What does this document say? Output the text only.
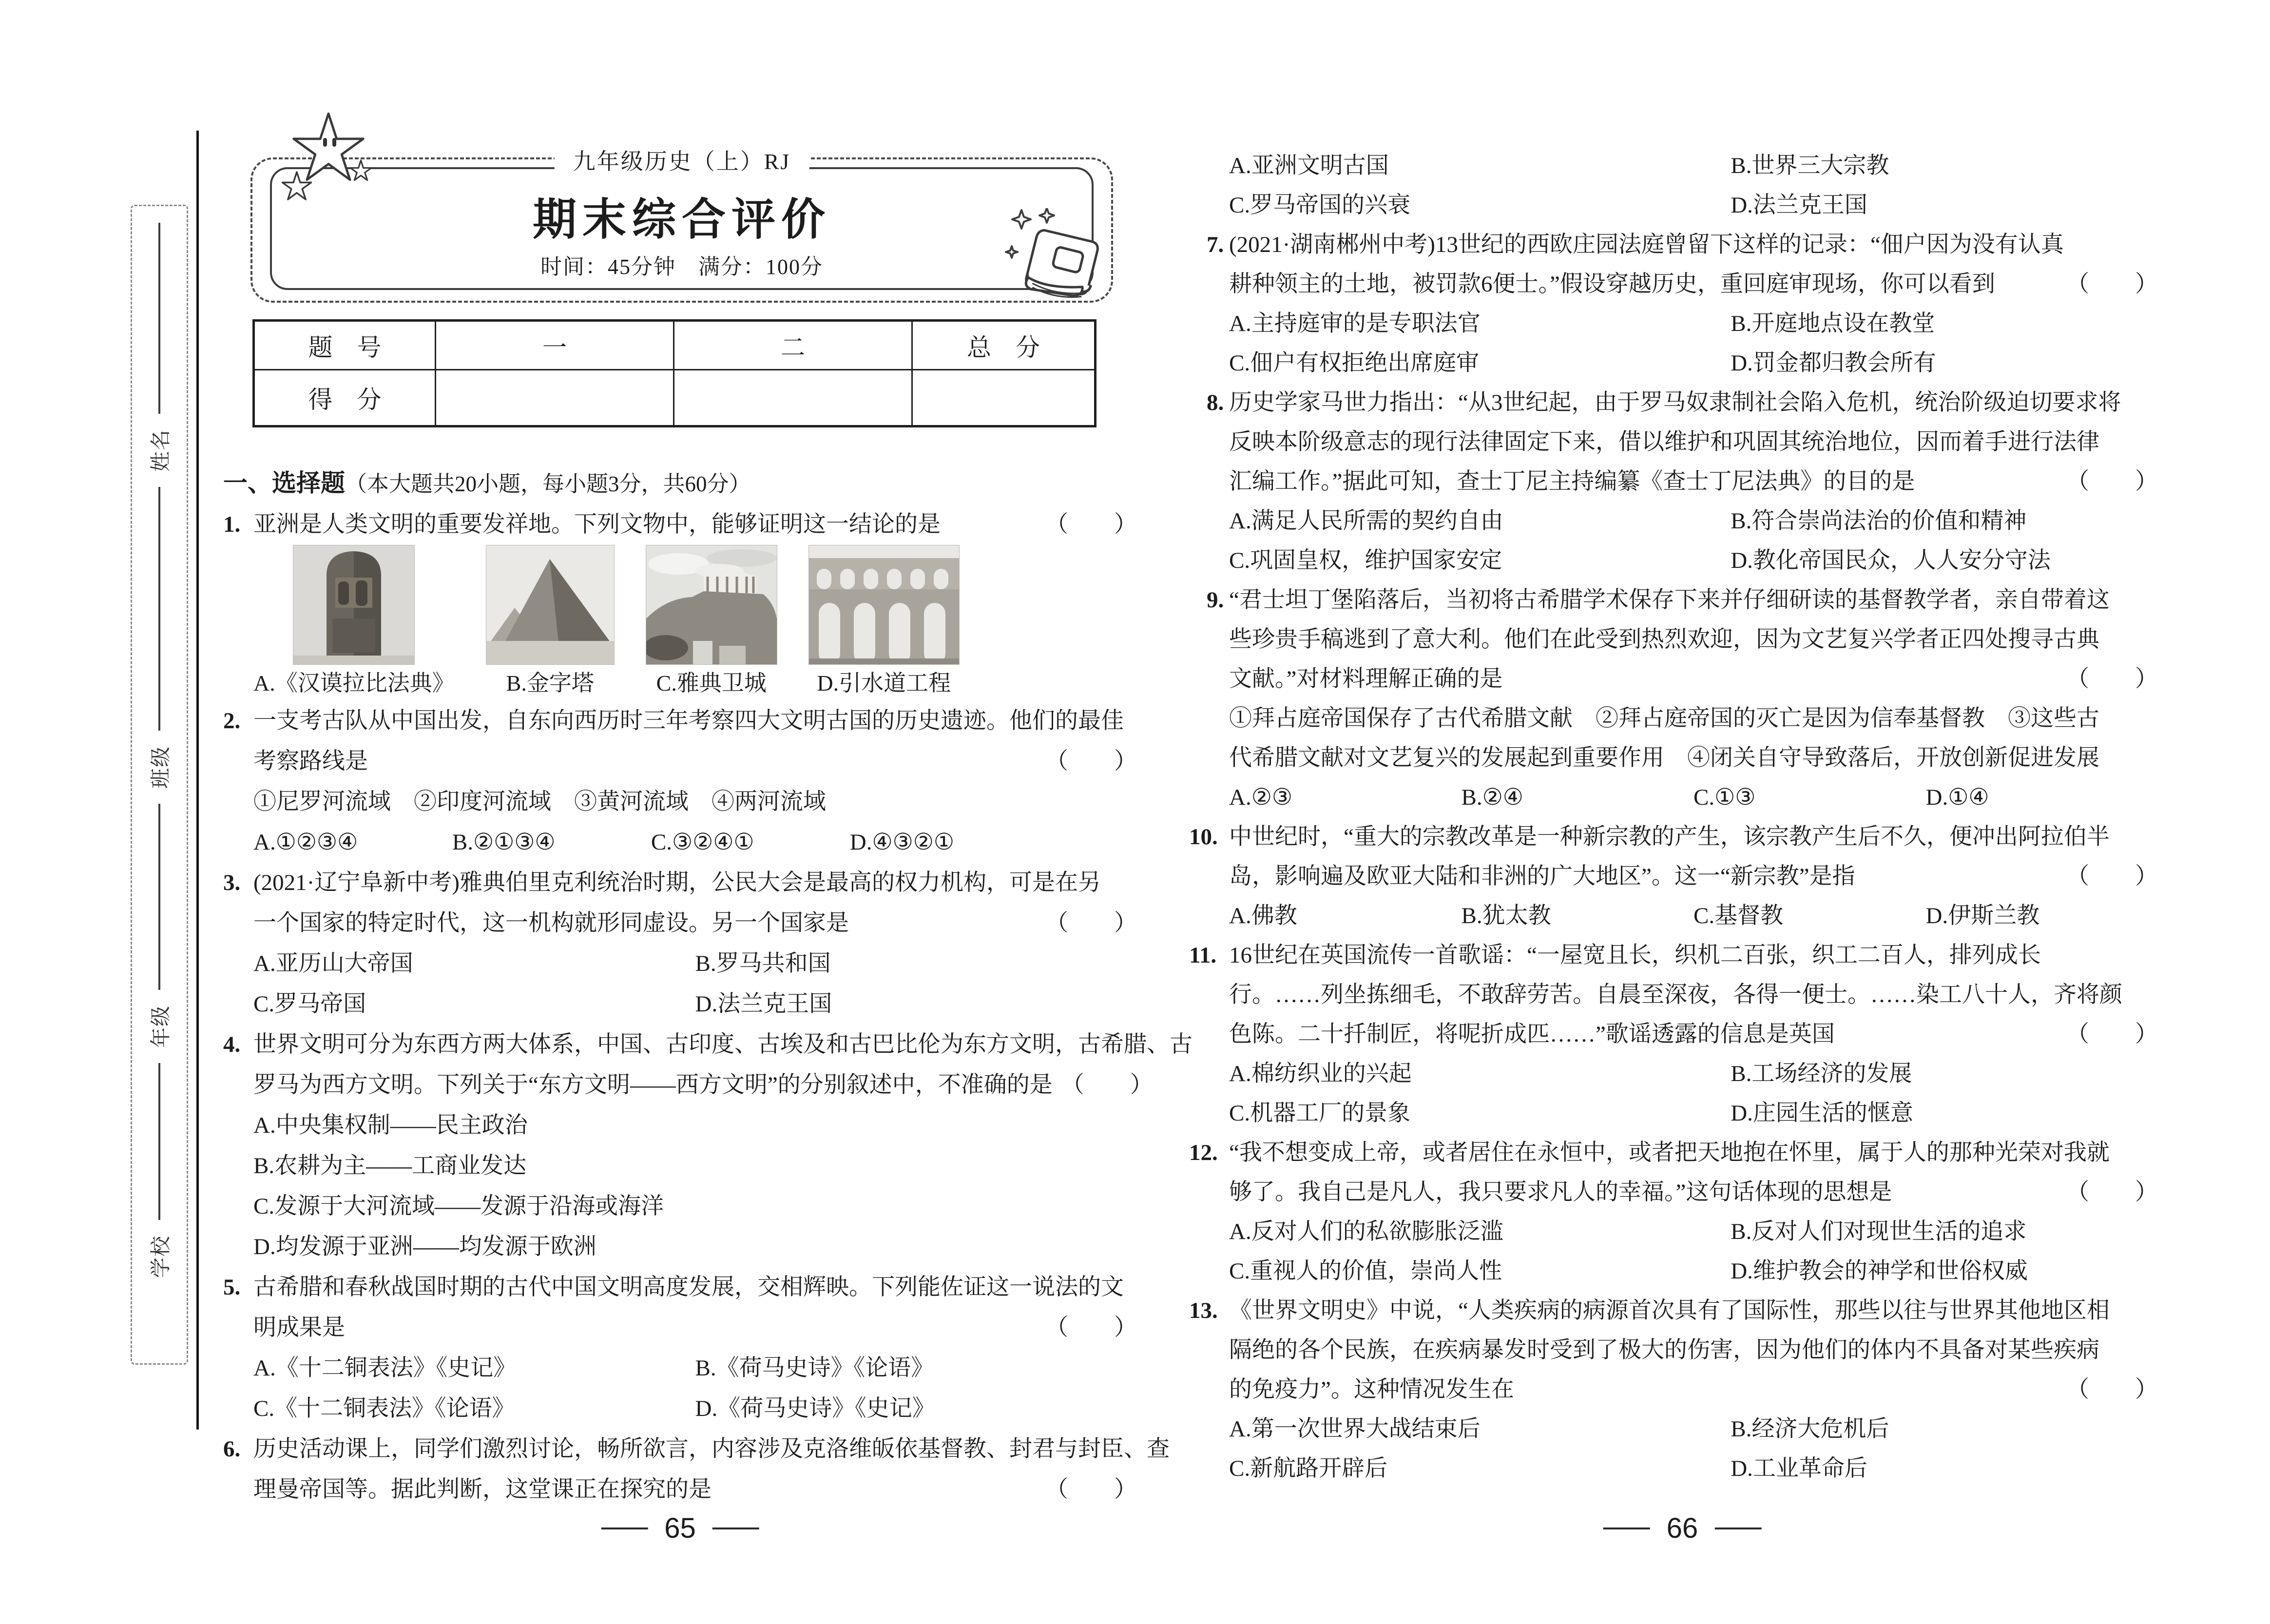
姓名
班级
年级
学校
九年级历史（上）RJ
期末综合评价
时间：45分钟　满分：100分
题　号	一	二	总　分
得　分
一、选择题 （本大题共20小题，每小题3分，共60分）
1. 亚洲是人类文明的重要发祥地。下列文物中，能够证明这一结论的是	（　　）
A.《汉谟拉比法典》 B.金字塔	C.雅典卫城 D.引水道工程
2. 一支考古队从中国出发，自东向西历时三年考察四大文明古国的历史遗迹。他们的最佳
考察路线是	（　　）
①尼罗河流域　②印度河流域　③黄河流域　④两河流域
A.①②③④	B.②①③④	C.③②④①	D.④③②①
3. (2021·辽宁阜新中考)雅典伯里克利统治时期，公民大会是最高的权力机构，可是在另
一个国家的特定时代，这一机构就形同虚设。另一个国家是	（　　）
A.亚历山大帝国	B.罗马共和国
C.罗马帝国	D.法兰克王国
4. 世界文明可分为东西方两大体系，中国、古印度、古埃及和古巴比伦为东方文明，古希腊、古
罗马为西方文明。下列关于“东方文明——西方文明”的分别叙述中，不准确的是 （　　）
A.中央集权制——民主政治
B.农耕为主——工商业发达
C.发源于大河流域——发源于沿海或海洋
D.均发源于亚洲——均发源于欧洲
5. 古希腊和春秋战国时期的古代中国文明高度发展，交相辉映。下列能佐证这一说法的文
明成果是	（　　）
A.《十二铜表法》《史记》	B.《荷马史诗》《论语》
C.《十二铜表法》《论语》	D.《荷马史诗》《史记》
6. 历史活动课上，同学们激烈讨论，畅所欲言，内容涉及克洛维皈依基督教、封君与封臣、查
理曼帝国等。据此判断，这堂课正在探究的是	（　　）
65
A.亚洲文明古国	B.世界三大宗教
C.罗马帝国的兴衰	D.法兰克王国
7. (2021·湖南郴州中考)13世纪的西欧庄园法庭曾留下这样的记录：“佃户因为没有认真
耕种领主的土地，被罚款6便士。”假设穿越历史，重回庭审现场，你可以看到	（　　）
A.主持庭审的是专职法官	B.开庭地点设在教堂
C.佃户有权拒绝出席庭审	D.罚金都归教会所有
8. 历史学家马世力指出：“从3世纪起，由于罗马奴隶制社会陷入危机，统治阶级迫切要求将
反映本阶级意志的现行法律固定下来，借以维护和巩固其统治地位，因而着手进行法律
汇编工作。”据此可知，查士丁尼主持编纂《查士丁尼法典》的目的是	（　　）
A.满足人民所需的契约自由	B.符合崇尚法治的价值和精神
C.巩固皇权，维护国家安定	D.教化帝国民众，人人安分守法
9. “君士坦丁堡陷落后，当初将古希腊学术保存下来并仔细研读的基督教学者，亲自带着这
些珍贵手稿逃到了意大利。他们在此受到热烈欢迎，因为文艺复兴学者正四处搜寻古典
文献。”对材料理解正确的是	（　　）
①拜占庭帝国保存了古代希腊文献　②拜占庭帝国的灭亡是因为信奉基督教　③这些古
代希腊文献对文艺复兴的发展起到重要作用　④闭关自守导致落后，开放创新促进发展
A.②③	B.②④	C.①③	D.①④
10. 中世纪时，“重大的宗教改革是一种新宗教的产生，该宗教产生后不久，便冲出阿拉伯半
岛，影响遍及欧亚大陆和非洲的广大地区”。这一“新宗教”是指	（　　）
A.佛教	B.犹太教	C.基督教	D.伊斯兰教
11. 16世纪在英国流传一首歌谣：“一屋宽且长，织机二百张，织工二百人，排列成长
行。……列坐拣细毛，不敢辞劳苦。自晨至深夜，各得一便士。……染工八十人，齐将颜
色陈。二十扦制匠，将呢折成匹……”歌谣透露的信息是英国	（　　）
A.棉纺织业的兴起	B.工场经济的发展
C.机器工厂的景象	D.庄园生活的惬意
12. “我不想变成上帝，或者居住在永恒中，或者把天地抱在怀里，属于人的那种光荣对我就
够了。我自己是凡人，我只要求凡人的幸福。”这句话体现的思想是	（　　）
A.反对人们的私欲膨胀泛滥	B.反对人们对现世生活的追求
C.重视人的价值，崇尚人性	D.维护教会的神学和世俗权威
13. 《世界文明史》中说，“人类疾病的病源首次具有了国际性，那些以往与世界其他地区相
隔绝的各个民族，在疾病暴发时受到了极大的伤害，因为他们的体内不具备对某些疾病
的免疫力”。这种情况发生在	（　　）
A.第一次世界大战结束后	B.经济大危机后
C.新航路开辟后	D.工业革命后
66
